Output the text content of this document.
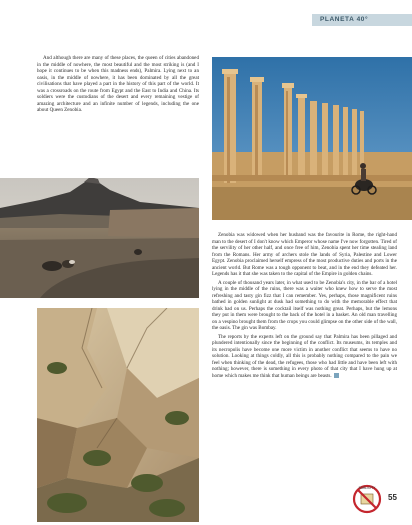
PLANETA 40°

And although there are many of these places, the queen of cities abandoned in the middle of nowhere, the most beautiful and the most striking is (and I hope it continues to be when this madness ends), Palmira. Lying next to an oasis, in the middle of nowhere, it has been dominated by all the great civilisations that have played a part in the history of this part of the world. It was a crossroads on the route from Egypt and the East to India and China. Its soldiers were the custodians of the desert and every remaining vestige of amazing architecture and an infinite number of legends, including the one about Queen Zenobia.

Zenobia was widowed when her husband was the favourite in Rome, the right-hand man to the desert of I don't know which Emperor whose name I've now forgotten. Tired of the servility of her other half, and once free of him, Zenobia spent her time stealing land from the Romans. Her army of archers stole the lands of Syria, Palestine and Lower Egypt. Zenobia proclaimed herself empress of the most productive duties and ports in the ancient world. But Rome was a tough opponent to beat, and in the end they defeated her. Legends has it that she was taken to the capital of the Empire in golden chains.

A couple of thousand years later, in what used to be Zenobia's city, in the bar of a hotel lying in the middle of the ruins, there was a waiter who knew how to serve the most refreshing and tasty gin fizz that I can remember. Yes, perhaps, those magnificent ruins bathed in golden sunlight at dusk had something to do with the memorable effect that drink had on us. Perhaps the cocktail itself was nothing great. Perhaps, but the lemons they put in them were brought to the back of the hotel in a basket. An old man travelling on a vespino brought them from the crops you could glimpse on the other side of the wall, the oasis. The gin was Bombay.

The reports by the experts left on the ground say that Palmira has been pillaged and plundered intentionally since the beginning of the conflict. Its museums, its temples and its necropolis have become one more victim in another conflict that seems to have no solution. Looking at things coldly, all this is probably nothing compared to the pain we feel when thinking of the dead, the refugees, those who had little and have been left with nothing; however, there is something in every photo of that city that I have hung up at home which makes me think that human beings are beasts.

RUBLICITY
55
